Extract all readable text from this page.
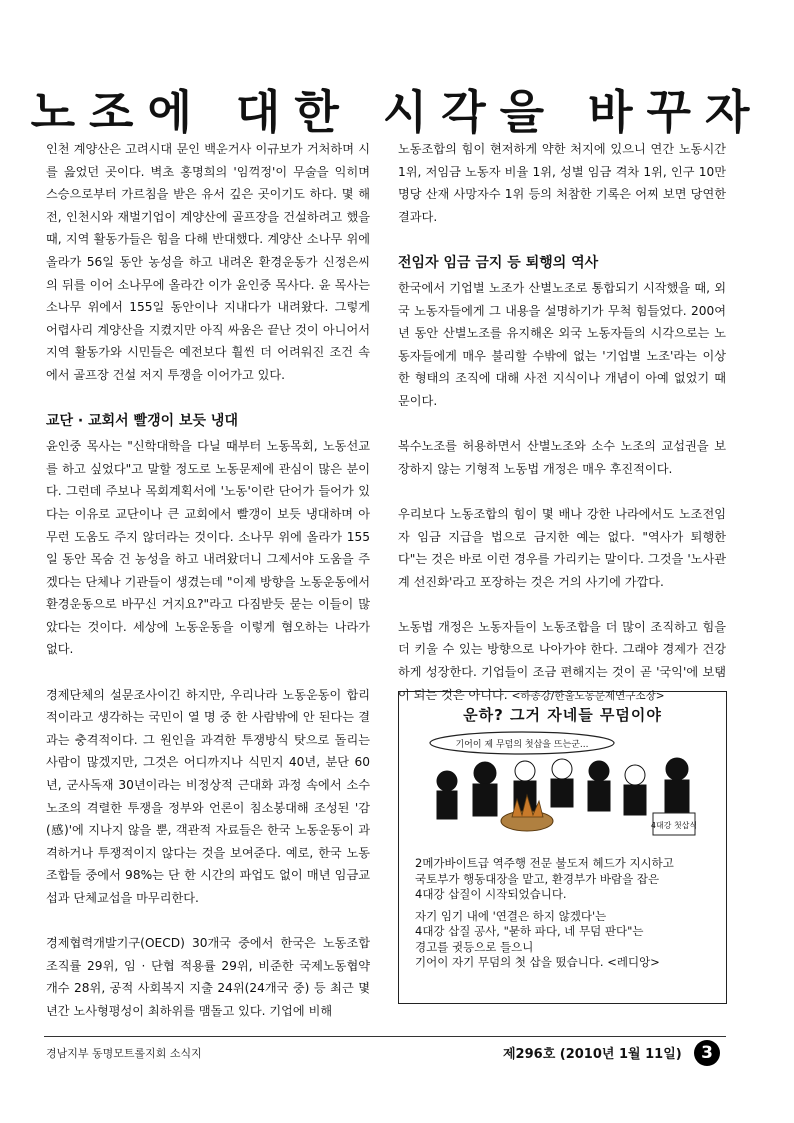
노조에 대한 시각을 바꾸자

인천 계양산은 고려시대 문인 백운거사 이규보가 거처하며 시를 읊었던 곳이다. 벽초 홍명희의 '임꺽정'이 무술을 익히며 스승으로부터 가르침을 받은 유서 깊은 곳이기도 하다. 몇 해 전, 인천시와 재벌기업이 계양산에 골프장을 건설하려고 했을 때, 지역 활동가들은 힘을 다해 반대했다. 계양산 소나무 위에 올라가 56일 동안 농성을 하고 내려온 환경운동가 신정은씨의 뒤를 이어 소나무에 올라간 이가 윤인중 목사다. 윤 목사는 소나무 위에서 155일 동안이나 지내다가 내려왔다. 그렇게 어렵사리 계양산을 지켰지만 아직 싸움은 끝난 것이 아니어서 지역 활동가와 시민들은 예전보다 훨씬 더 어려워진 조건 속에서 골프장 건설 저지 투쟁을 이어가고 있다.

교단 · 교회서 빨갱이 보듯 냉대

윤인중 목사는 "신학대학을 다닐 때부터 노동목회, 노동선교를 하고 싶었다"고 말할 정도로 노동문제에 관심이 많은 분이다. 그런데 주보나 목회계획서에 '노동'이란 단어가 들어가 있다는 이유로 교단이나 큰 교회에서 빨갱이 보듯 냉대하며 아무런 도움도 주지 않더라는 것이다. 소나무 위에 올라가 155일 동안 목숨 건 농성을 하고 내려왔더니 그제서야 도움을 주겠다는 단체나 기관들이 생겼는데 "이제 방향을 노동운동에서 환경운동으로 바꾸신 거지요?"라고 다짐받듯 묻는 이들이 많았다는 것이다. 세상에 노동운동을 이렇게 혐오하는 나라가 없다.

경제단체의 설문조사이긴 하지만, 우리나라 노동운동이 합리적이라고 생각하는 국민이 열 명 중 한 사람밖에 안 된다는 결과는 충격적이다. 그 원인을 과격한 투쟁방식 탓으로 돌리는 사람이 많겠지만, 그것은 어디까지나 식민지 40년, 분단 60년, 군사독재 30년이라는 비정상적 근대화 과정 속에서 소수 노조의 격렬한 투쟁을 정부와 언론이 침소봉대해 조성된 '감(感)'에 지나지 않을 뿐, 객관적 자료들은 한국 노동운동이 과격하거나 투쟁적이지 않다는 것을 보여준다. 예로, 한국 노동조합들 중에서 98%는 단 한 시간의 파업도 없이 매년 임금교섭과 단체교섭을 마무리한다.

경제협력개발기구(OECD) 30개국 중에서 한국은 노동조합 조직률 29위, 임 · 단협 적용률 29위, 비준한 국제노동협약 개수 28위, 공적 사회복지 지출 24위(24개국 중) 등 최근 몇 년간 노사형평성이 최하위를 맴돌고 있다. 기업에 비해

노동조합의 힘이 현저하게 약한 처지에 있으니 연간 노동시간 1위, 저임금 노동자 비율 1위, 성별 임금 격차 1위, 인구 10만명당 산재 사망자수 1위 등의 처참한 기록은 어찌 보면 당연한 결과다.

전임자 임금 금지 등 퇴행의 역사

한국에서 기업별 노조가 산별노조로 통합되기 시작했을 때, 외국 노동자들에게 그 내용을 설명하기가 무척 힘들었다. 200여년 동안 산별노조를 유지해온 외국 노동자들의 시각으로는 노동자들에게 매우 불리할 수밖에 없는 '기업별 노조'라는 이상한 형태의 조직에 대해 사전 지식이나 개념이 아예 없었기 때문이다.

복수노조를 허용하면서 산별노조와 소수 노조의 교섭권을 보장하지 않는 기형적 노동법 개정은 매우 후진적이다.

우리보다 노동조합의 힘이 몇 배나 강한 나라에서도 노조전임자 임금 지급을 법으로 금지한 예는 없다. "역사가 퇴행한다"는 것은 바로 이런 경우를 가리키는 말이다. 그것을 '노사관계 선진화'라고 포장하는 것은 거의 사기에 가깝다.

노동법 개정은 노동자들이 노동조합을 더 많이 조직하고 힘을 더 키울 수 있는 방향으로 나아가야 한다. 그래야 경제가 건강하게 성장한다. 기업들이 조금 편해지는 것이 곧 '국익'에 보탬이 되는 것은 아니다. <하종강/한울노동문제연구소장>

운하? 그거 자네들 무덤이야
기어이 제 무덤의 첫삽을 뜨는군...
4대강 첫삽식

2메가바이트급 역주행 전문 불도저 헤드가 지시하고

국토부가 행동대장을 맡고, 환경부가 바람을 잡은

4대강 삽질이 시작되었습니다.

자기 임기 내에 '연결은 하지 않겠다'는

4대강 삽질 공사, "묻하 파다, 네 무덤 판다"는

경고를 귓등으로 들으니

기어이 자기 무덤의 첫 삽을 떴습니다. <레디앙>

경남지부 동명모트롤지회 소식지	제296호 (2010년 1월 11일)	3
